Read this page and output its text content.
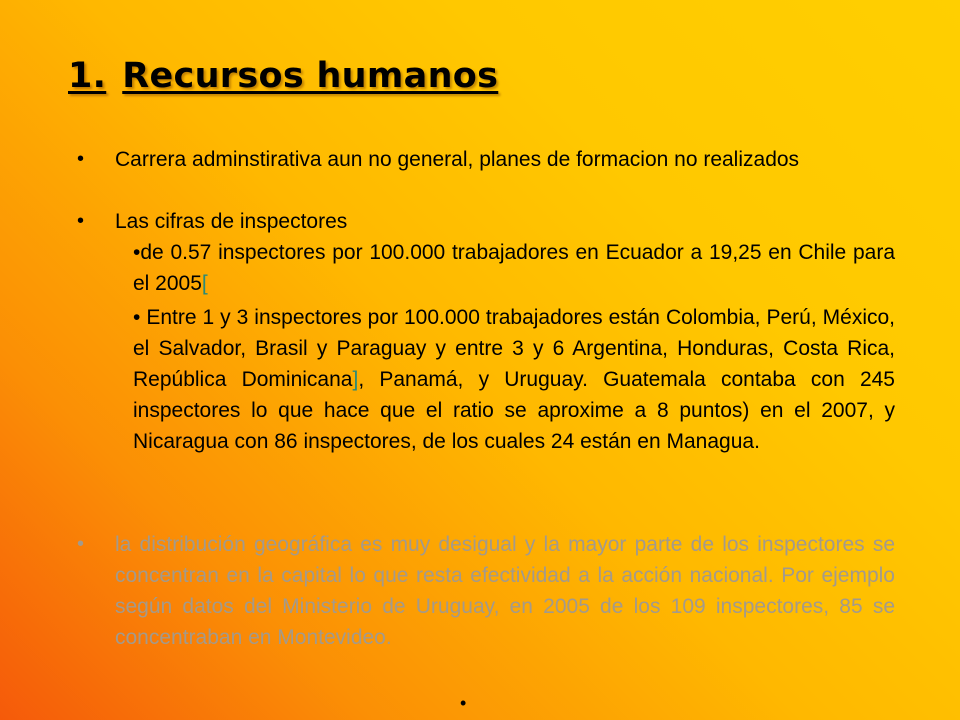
1. Recursos humanos
•	Carrera adminstirativa aun no general, planes de formacion no realizados
•	Las cifras de inspectores
•de 0.57 inspectores por 100.000 trabajadores en Ecuador a 19,25 en Chile para el 2005[
• Entre 1 y 3 inspectores por 100.000 trabajadores están Colombia, Perú, México, el Salvador, Brasil y Paraguay y entre 3 y 6 Argentina, Honduras, Costa Rica, República Dominicana], Panamá, y Uruguay. Guatemala contaba con 245 inspectores lo que hace que el ratio se aproxime a 8 puntos) en el 2007, y Nicaragua con 86 inspectores, de los cuales 24 están en Managua.
•	la distribución geográfica es muy desigual y la mayor parte de los inspectores se concentran en la capital lo que resta efectividad a la acción nacional. Por ejemplo según datos del Ministerio de Uruguay, en 2005 de los 109 inspectores, 85 se concentraban en Montevideo.
•
